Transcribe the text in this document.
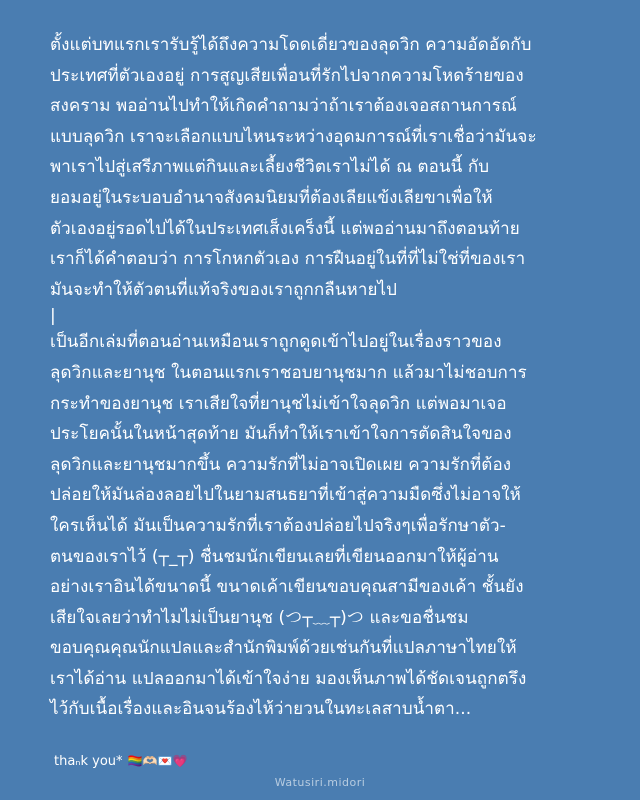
ตั้งแต่บทแรกเรารับรู้ได้ถึงความโดดเดี่ยวของลุดวิก ความอัดอัดกับ

ประเทศที่ตัวเองอยู่ การสูญเสียเพื่อนที่รักไปจากความโหดร้ายของ

สงคราม พออ่านไปทำให้เกิดคำถามว่าถ้าเราต้องเจอสถานการณ์

แบบลุดวิก เราจะเลือกแบบไหนระหว่างอุดมการณ์ที่เราเชื่อว่ามันจะ

พาเราไปสู่เสรีภาพแต่กินและเลี้ยงชีวิตเราไม่ได้ ณ ตอนนี้ กับ

ยอมอยู่ในระบอบอำนาจสังคมนิยมที่ต้องเลียแข้งเลียขาเพื่อให้

ตัวเองอยู่รอดไปได้ในประเทศเส็งเคร็งนี้ แต่พออ่านมาถึงตอนท้าย

เราก็ได้คำตอบว่า การโกหกตัวเอง การฝืนอยู่ในที่ที่ไม่ใช่ที่ของเรา

มันจะทำให้ตัวตนที่แท้จริงของเราถูกกลืนหายไป

|

เป็นอีกเล่มที่ตอนอ่านเหมือนเราถูกดูดเข้าไปอยู่ในเรื่องราวของ

ลุดวิกและยานุช ในตอนแรกเราชอบยานุชมาก แล้วมาไม่ชอบการ

กระทำของยานุช เราเสียใจที่ยานุชไม่เข้าใจลุดวิก แต่พอมาเจอ

ประโยคนั้นในหน้าสุดท้าย มันก็ทำให้เราเข้าใจการตัดสินใจของ

ลุดวิกและยานุชมากขึ้น ความรักที่ไม่อาจเปิดเผย ความรักที่ต้อง

ปล่อยให้มันล่องลอยไปในยามสนธยาที่เข้าสู่ความมืดซึ่งไม่อาจให้

ใครเห็นได้ มันเป็นความรักที่เราต้องปล่อยไปจริงๆเพื่อรักษาตัว-

ตนของเราไว้ (┬_┬) ชื่นชมนักเขียนเลยที่เขียนออกมาให้ผู้อ่าน

อย่างเราอินได้ขนาดนี้ ขนาดเค้าเขียนขอบคุณสามีของเค้า ชั้นยัง

เสียใจเลยว่าทำไมไม่เป็นยานุช (つ┬﹏┬)つ และขอชื่นชม

ขอบคุณคุณนักแปลและสำนักพิมพ์ด้วยเช่นกันที่แปลภาษาไทยให้

เราได้อ่าน แปลออกมาได้เข้าใจง่าย มองเห็นภาพได้ชัดเจนถูกตรึง

ไว้กับเนื้อเรื่องและอินจนร้องไห้ว่ายวนในทะเลสาบน้ำตา...

thaₙk you* 🏳️‍🌈🫶🏻💌💗
Watusiri.midori
